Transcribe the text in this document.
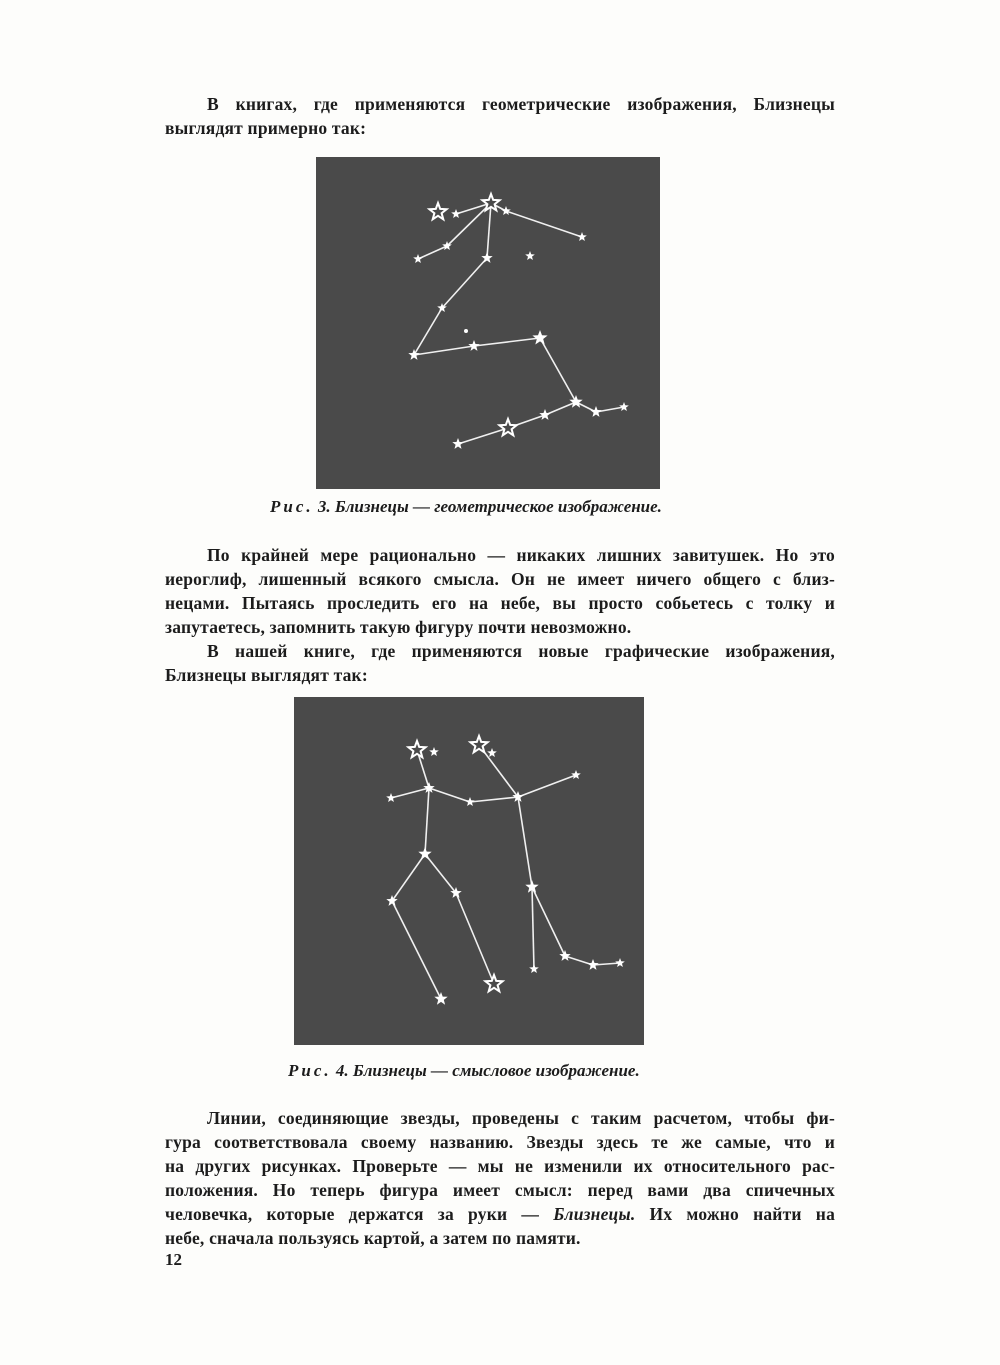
В книгах, где применяются геометрические изображения, Близнецы
выглядят примерно так:
Рис. 3. Близнецы — геометрическое изображение.
По крайней мере рационально — никаких лишних завитушек. Но это
иероглиф, лишенный всякого смысла. Он не имеет ничего общего с близ-
нецами. Пытаясь проследить его на небе, вы просто собьетесь с толку и
запутаетесь, запомнить такую фигуру почти невозможно.
В нашей книге, где применяются новые графические изображения,
Близнецы выглядят так:
Рис. 4. Близнецы — смысловое изображение.
Линии, соединяющие звезды, проведены с таким расчетом, чтобы фи-
гура соответствовала своему названию. Звезды здесь те же самые, что и
на других рисунках. Проверьте — мы не изменили их относительного рас-
положения. Но теперь фигура имеет смысл: перед вами два спичечных
человечка, которые держатся за руки — Близнецы. Их можно найти на
небе, сначала пользуясь картой, а затем по памяти.
12
